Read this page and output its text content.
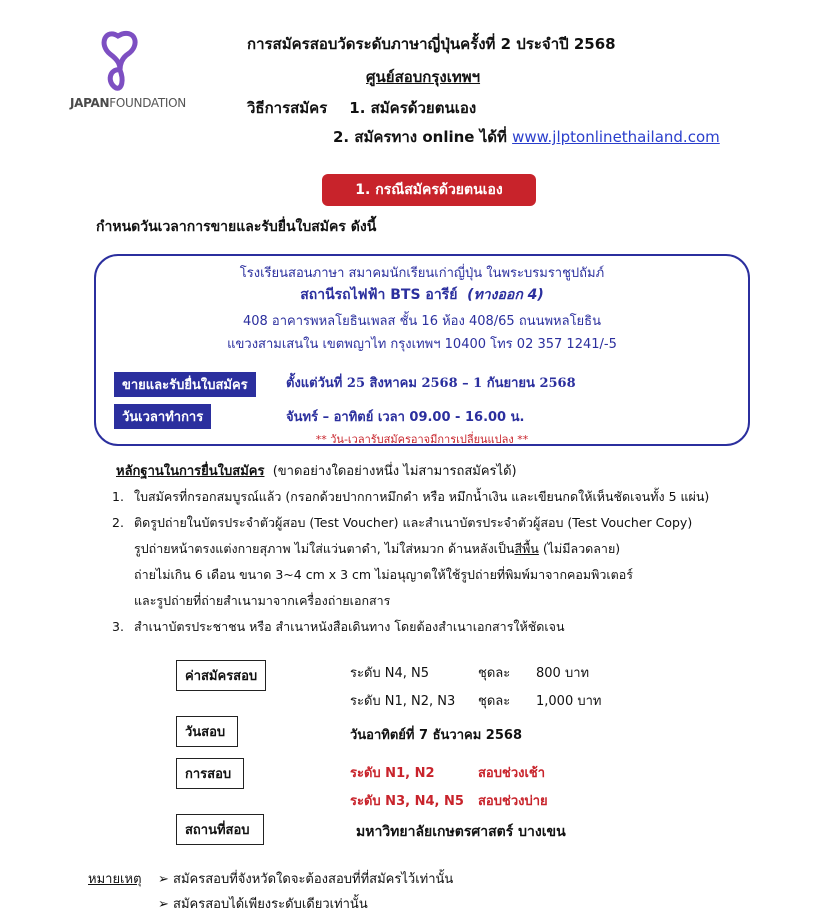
JAPANFOUNDATION
การสมัครสอบวัดระดับภาษาญี่ปุ่นครั้งที่ 2 ประจำปี 2568
ศูนย์สอบกรุงเทพฯ
วิธีการสมัคร 1. สมัครด้วยตนเอง
2. สมัครทาง online ได้ที่ www.jlptonlinethailand.com
1. กรณีสมัครด้วยตนเอง
กำหนดวันเวลาการขายและรับยื่นใบสมัคร ดังนี้
โรงเรียนสอนภาษา สมาคมนักเรียนเก่าญี่ปุ่น ในพระบรมราชูปถัมภ์
สถานีรถไฟฟ้า BTS อารีย์ (ทางออก 4)
408 อาคารพหลโยธินเพลส ชั้น 16 ห้อง 408/65 ถนนพหลโยธิน
แขวงสามเสนใน เขตพญาไท กรุงเทพฯ 10400 โทร 02 357 1241/-5
ขายและรับยื่นใบสมัคร	ตั้งแต่วันที่ 25 สิงหาคม 2568 – 1 กันยายน 2568
วันเวลาทำการ	จันทร์ – อาทิตย์ เวลา 09.00 - 16.00 น.
** วัน-เวลารับสมัครอาจมีการเปลี่ยนแปลง **
หลักฐานในการยื่นใบสมัคร (ขาดอย่างใดอย่างหนึ่ง ไม่สามารถสมัครได้)
1. ใบสมัครที่กรอกสมบูรณ์แล้ว (กรอกด้วยปากกาหมึกดำ หรือ หมึกน้ำเงิน และเขียนกดให้เห็นชัดเจนทั้ง 5 แผ่น)
2. ติดรูปถ่ายในบัตรประจำตัวผู้สอบ (Test Voucher) และสำเนาบัตรประจำตัวผู้สอบ (Test Voucher Copy)
รูปถ่ายหน้าตรงแต่งกายสุภาพ ไม่ใส่แว่นตาดำ, ไม่ใส่หมวก ด้านหลังเป็นสีพื้น (ไม่มีลวดลาย)
ถ่ายไม่เกิน 6 เดือน ขนาด 3~4 cm x 3 cm ไม่อนุญาตให้ใช้รูปถ่ายที่พิมพ์มาจากคอมพิวเตอร์
และรูปถ่ายที่ถ่ายสำเนามาจากเครื่องถ่ายเอกสาร
3. สำเนาบัตรประชาชน หรือ สำเนาหนังสือเดินทาง โดยต้องสำเนาเอกสารให้ชัดเจน
ค่าสมัครสอบ	ระดับ N4, N5	ชุดละ 800 บาท
ระดับ N1, N2, N3 ชุดละ 1,000 บาท
วันสอบ	วันอาทิตย์ที่ 7 ธันวาคม 2568
การสอบ	ระดับ N1, N2	สอบช่วงเช้า
ระดับ N3, N4, N5 สอบช่วงบ่าย
สถานที่สอบ	มหาวิทยาลัยเกษตรศาสตร์ บางเขน
หมายเหตุ ➢ สมัครสอบที่จังหวัดใดจะต้องสอบที่ที่สมัครไว้เท่านั้น
➢ สมัครสอบได้เพียงระดับเดียวเท่านั้น
